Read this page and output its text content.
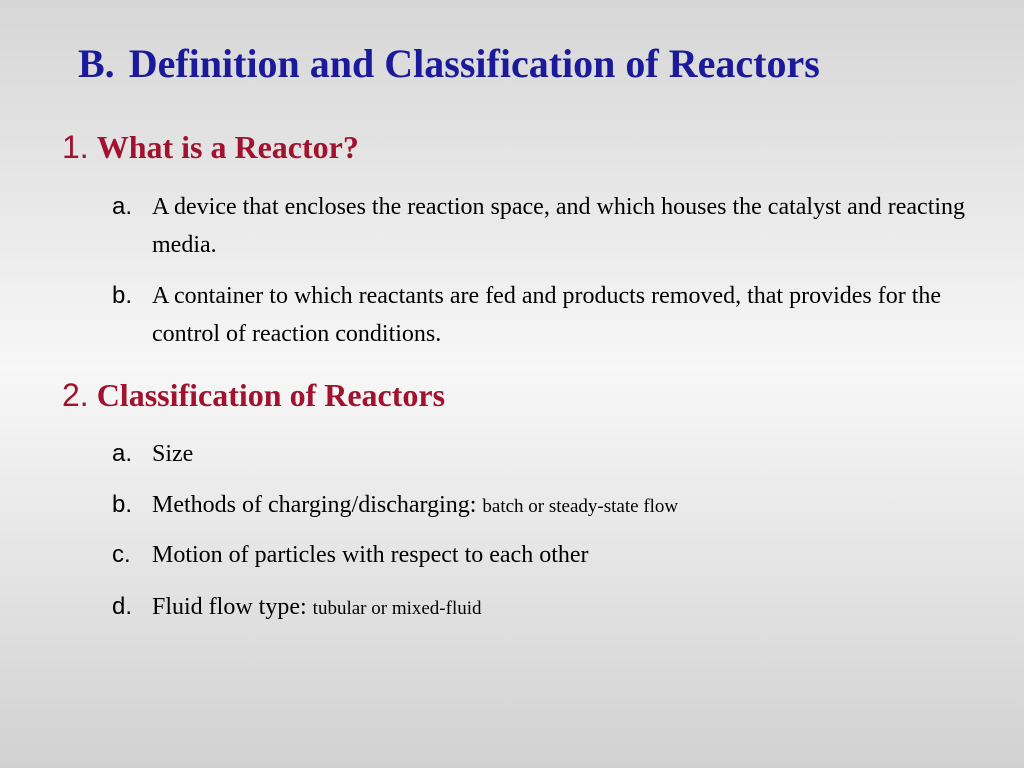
B. Definition and Classification of Reactors
1. What is a Reactor?
a. A device that encloses the reaction space, and which houses the catalyst and reacting media.
b. A container to which reactants are fed and products removed, that provides for the control of reaction conditions.
2. Classification of Reactors
a. Size
b. Methods of charging/discharging: batch or steady-state flow
c. Motion of particles with respect to each other
d. Fluid flow type: tubular or mixed-fluid
